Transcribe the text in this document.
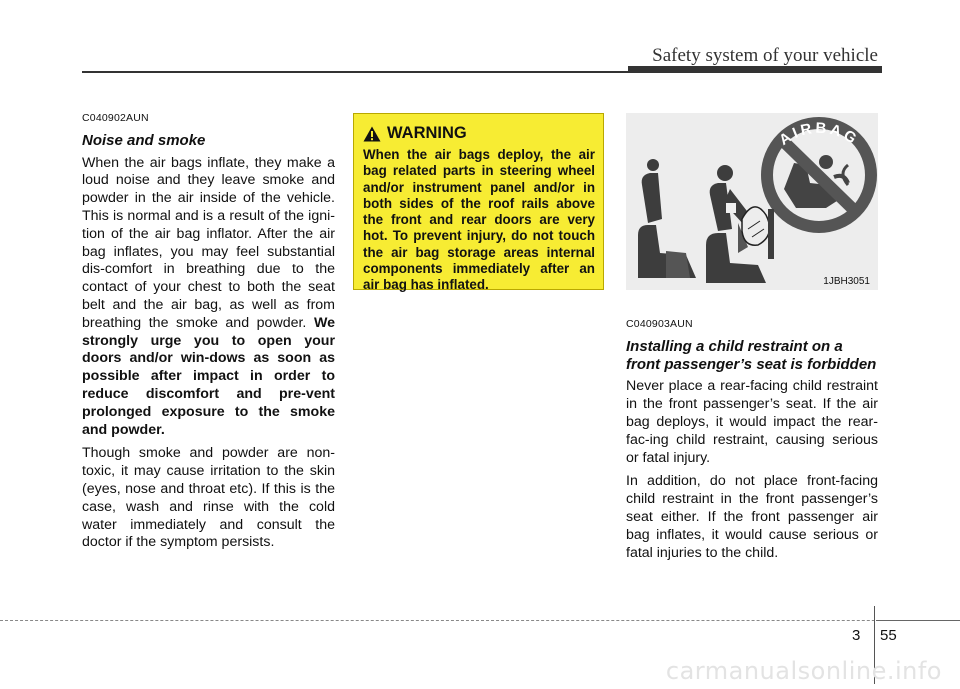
Safety system of your vehicle
C040902AUN
Noise and smoke

When the air bags inflate, they make a loud noise and they leave smoke and powder in the air inside of the vehicle. This is normal and is a result of the igni-tion of the air bag inflator. After the air bag inflates, you may feel substantial dis-comfort in breathing due to the contact of your chest to both the seat belt and the air bag, as well as from breathing the smoke and powder. We strongly urge you to open your doors and/or win-dows as soon as possible after impact in order to reduce discomfort and pre-vent prolonged exposure to the smoke and powder.

Though smoke and powder are non-toxic, it may cause irritation to the skin (eyes, nose and throat etc). If this is the case, wash and rinse with the cold water immediately and consult the doctor if the symptom persists.

WARNING

When the air bags deploy, the air bag related parts in steering wheel and/or instrument panel and/or in both sides of the roof rails above the front and rear doors are very hot. To prevent injury, do not touch the air bag storage areas internal components immediately after an air bag has inflated.

AIRBAG
1JBH3051
C040903AUN
Installing a child restraint on a front passenger’s seat is forbidden

Never place a rear-facing child restraint in the front passenger’s seat. If the air bag deploys, it would impact the rear-fac-ing child restraint, causing serious or fatal injury.

In addition, do not place front-facing child restraint in the front passenger’s seat either. If the front passenger air bag inflates, it would cause serious or fatal injuries to the child.

3 55
carmanualsonline.info
